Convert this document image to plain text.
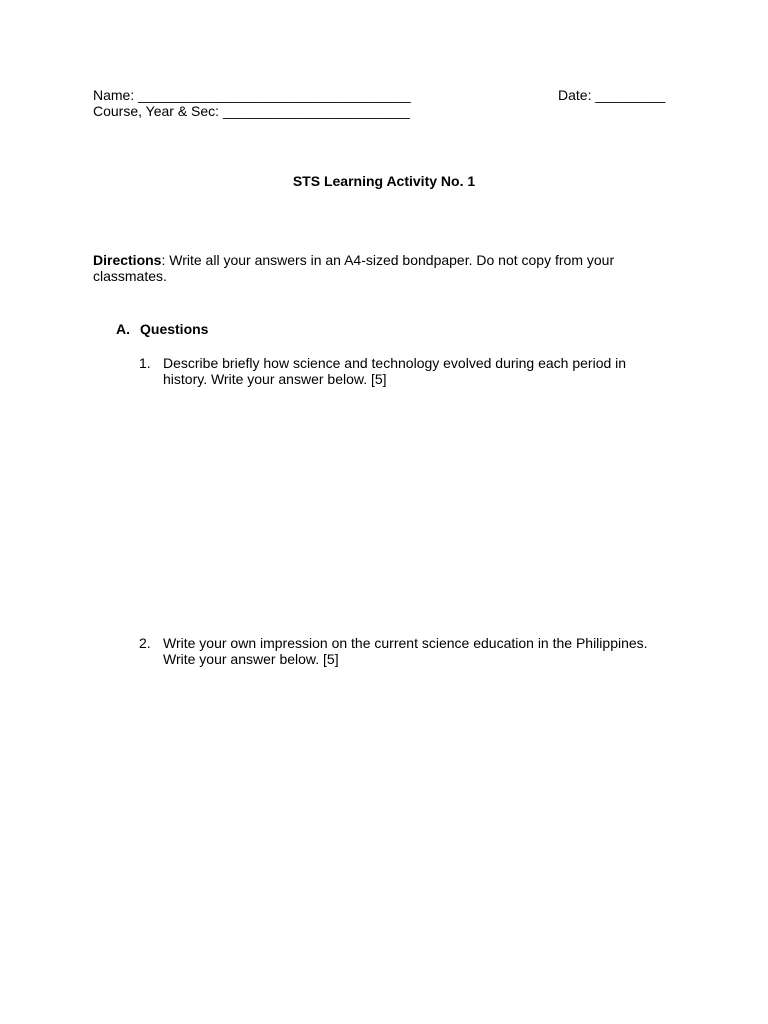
Name: ___________________________________	Date: _________
Course, Year & Sec: ________________________
STS Learning Activity No. 1
Directions: Write all your answers in an A4-sized bondpaper. Do not copy from your classmates.
A. Questions
1. Describe briefly how science and technology evolved during each period in history. Write your answer below. [5]
2. Write your own impression on the current science education in the Philippines. Write your answer below. [5]
